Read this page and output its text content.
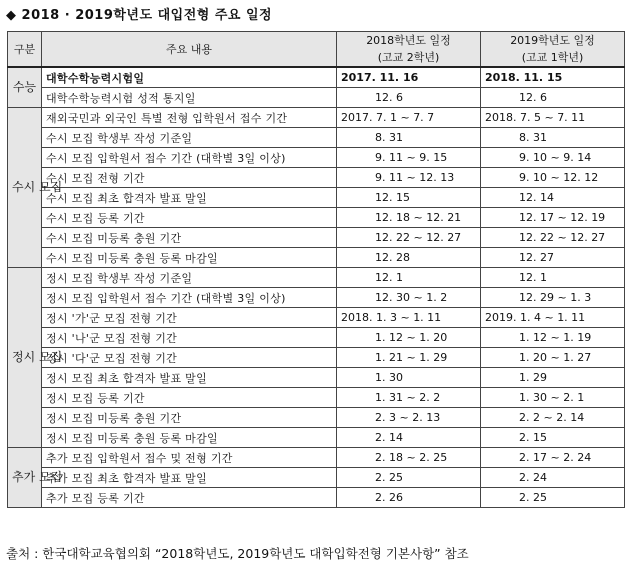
◆ 2018 · 2019학년도 대입전형 주요 일정
구분	주요 내용	2018학년도 일정	2019학년도 일정
		(고교 2학년)	(고교 1학년)
수능	대학수학능력시험일	2017. 11. 16	2018. 11. 15
	대학수학능력시험 성적 통지일	12. 6	12. 6
수시 모집	재외국민과 외국인 특별 전형 입학원서 접수 기간	2017. 7. 1 ~ 7. 7	2018. 7. 5 ~ 7. 11
	수시 모집 학생부 작성 기준일	8. 31	8. 31
	수시 모집 입학원서 접수 기간 (대학별 3일 이상)	9. 11 ~ 9. 15	9. 10 ~ 9. 14
	수시 모집 전형 기간	9. 11 ~ 12. 13	9. 10 ~ 12. 12
	수시 모집 최초 합격자 발표 말일	12. 15	12. 14
	수시 모집 등록 기간	12. 18 ~ 12. 21	12. 17 ~ 12. 19
	수시 모집 미등록 충원 기간	12. 22 ~ 12. 27	12. 22 ~ 12. 27
	수시 모집 미등록 충원 등록 마감일	12. 28	12. 27
정시 모집	정시 모집 학생부 작성 기준일	12. 1	12. 1
	정시 모집 입학원서 접수 기간 (대학별 3일 이상)	12. 30 ~ 1. 2	12. 29 ~ 1. 3
	정시 '가'군 모집 전형 기간	2018. 1. 3 ~ 1. 11	2019. 1. 4 ~ 1. 11
	정시 '나'군 모집 전형 기간	1. 12 ~ 1. 20	1. 12 ~ 1. 19
	정시 '다'군 모집 전형 기간	1. 21 ~ 1. 29	1. 20 ~ 1. 27
	정시 모집 최초 합격자 발표 말일	1. 30	1. 29
	정시 모집 등록 기간	1. 31 ~ 2. 2	1. 30 ~ 2. 1
	정시 모집 미등록 충원 기간	2. 3 ~ 2. 13	2. 2 ~ 2. 14
	정시 모집 미등록 충원 등록 마감일	2. 14	2. 15
추가 모집	추가 모집 입학원서 접수 및 전형 기간	2. 18 ~ 2. 25	2. 17 ~ 2. 24
	추가 모집 최초 합격자 발표 말일	2. 25	2. 24
	추가 모집 등록 기간	2. 26	2. 25
출처 : 한국대학교육협의회 “2018학년도, 2019학년도 대학입학전형 기본사항” 참조
